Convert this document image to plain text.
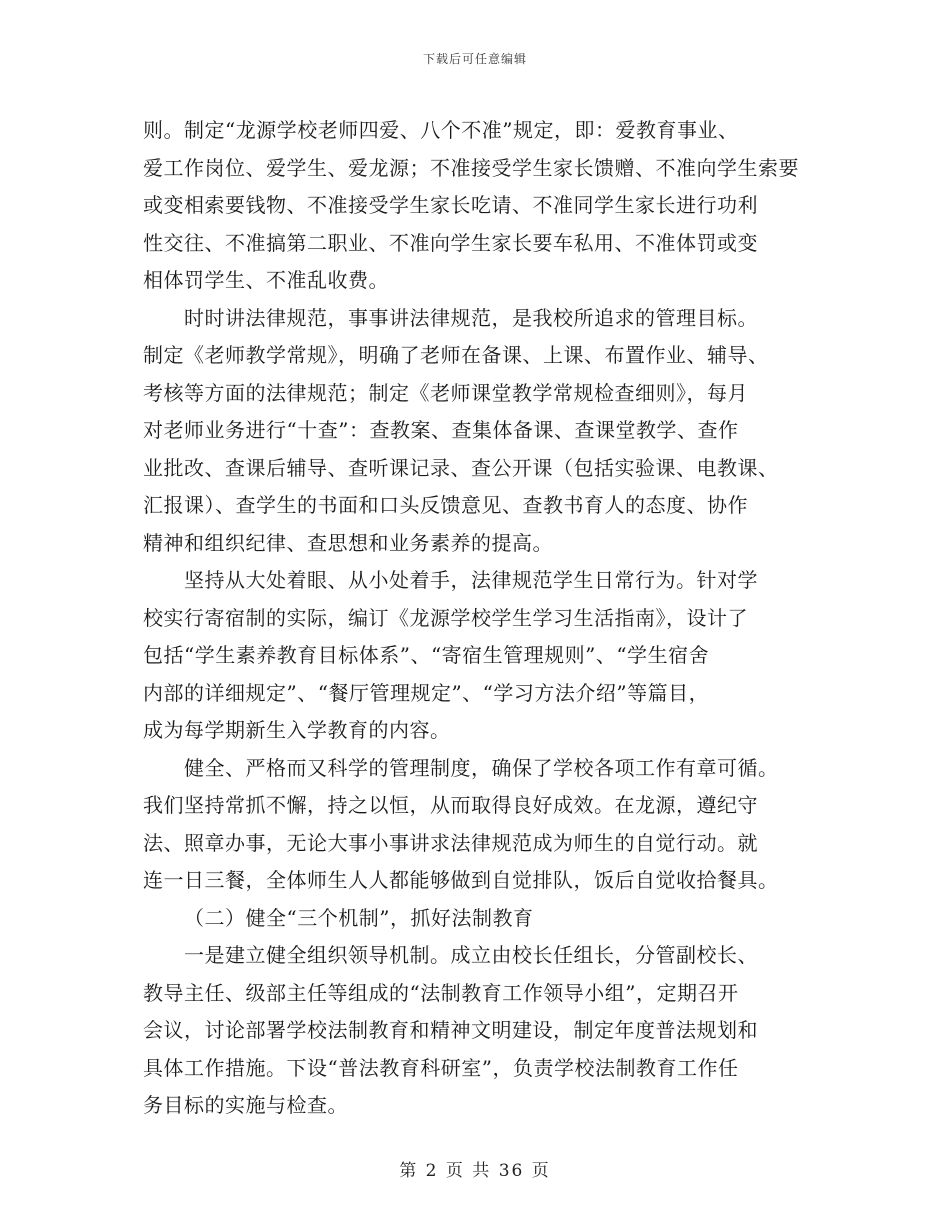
下载后可任意编辑
则。制定“龙源学校老师四爱、八个不准”规定，即：爱教育事业、
爱工作岗位、爱学生、爱龙源；不准接受学生家长馈赠、不准向学生索要
或变相索要钱物、不准接受学生家长吃请、不准同学生家长进行功利
性交往、不准搞第二职业、不准向学生家长要车私用、不准体罚或变
相体罚学生、不准乱收费。
时时讲法律规范，事事讲法律规范，是我校所追求的管理目标。
制定《老师教学常规》，明确了老师在备课、上课、布置作业、辅导、
考核等方面的法律规范；制定《老师课堂教学常规检查细则》，每月
对老师业务进行“十查”：查教案、查集体备课、查课堂教学、查作
业批改、查课后辅导、查听课记录、查公开课（包括实验课、电教课、
汇报课）、查学生的书面和口头反馈意见、查教书育人的态度、协作
精神和组织纪律、查思想和业务素养的提高。
坚持从大处着眼、从小处着手，法律规范学生日常行为。针对学
校实行寄宿制的实际，编订《龙源学校学生学习生活指南》，设计了
包括“学生素养教育目标体系”、“寄宿生管理规则”、“学生宿舍
内部的详细规定”、“餐厅管理规定”、“学习方法介绍”等篇目，
成为每学期新生入学教育的内容。
健全、严格而又科学的管理制度，确保了学校各项工作有章可循。
我们坚持常抓不懈，持之以恒，从而取得良好成效。在龙源，遵纪守
法、照章办事，无论大事小事讲求法律规范成为师生的自觉行动。就
连一日三餐，全体师生人人都能够做到自觉排队，饭后自觉收拾餐具。
（二）健全“三个机制”，抓好法制教育
一是建立健全组织领导机制。成立由校长任组长，分管副校长、
教导主任、级部主任等组成的“法制教育工作领导小组”，定期召开
会议，讨论部署学校法制教育和精神文明建设，制定年度普法规划和
具体工作措施。下设“普法教育科研室”，负责学校法制教育工作任
务目标的实施与检查。
第 2 页 共 36 页
